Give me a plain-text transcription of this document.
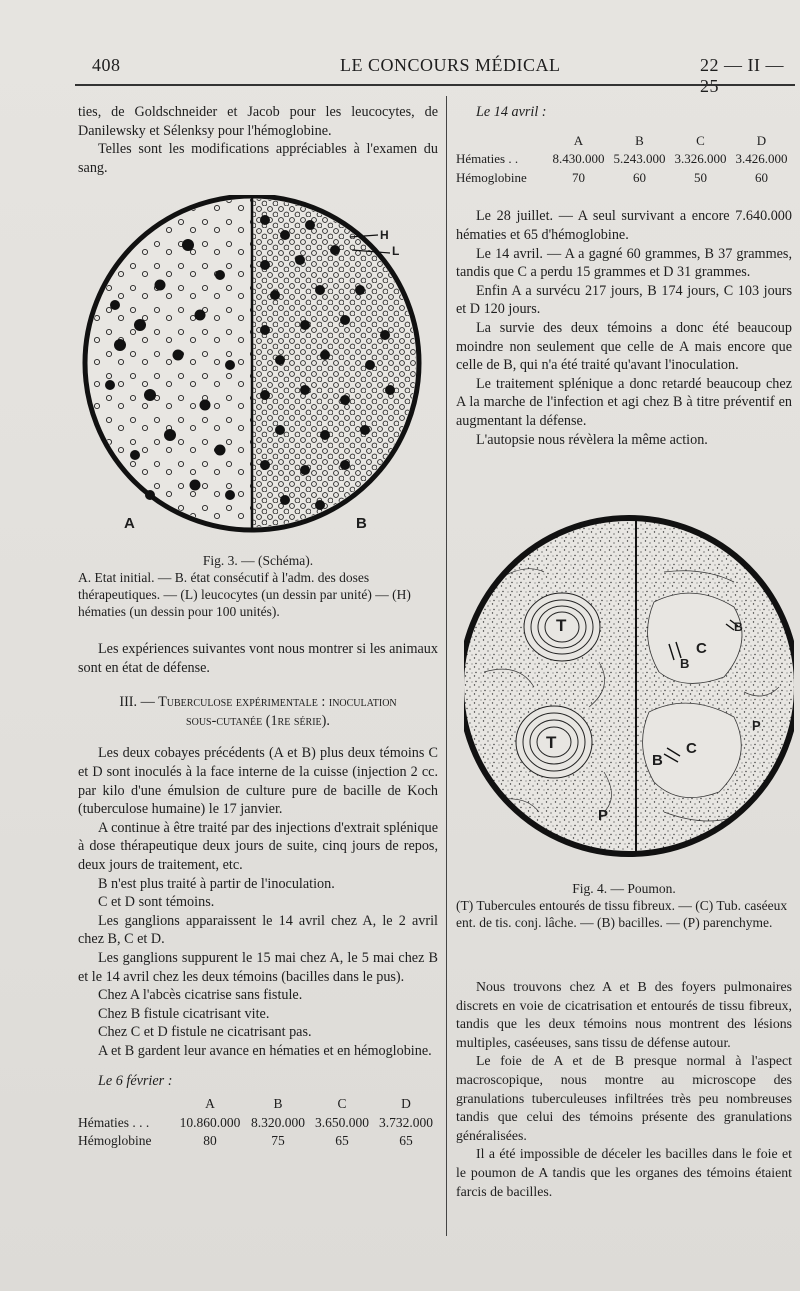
408	LE CONCOURS MÉDICAL	22 — II — 25

ties, de Goldschneider et Jacob pour les leucocytes, de Danilewsky et Sélenksy pour l'hémoglobine.

Telles sont les modifications appréciables à l'examen du sang.

H
L
A	B
Fig. 3. — (Schéma).
A. Etat initial. — B. état consécutif à l'adm. des doses thérapeutiques. — (L) leucocytes (un dessin par unité) — (H) hématies (un dessin pour 100 unités).

Les expériences suivantes vont nous montrer si les animaux sont en état de défense.

III. — Tuberculose expérimentale : inoculation

sous-cutanée (1re série).

Les deux cobayes précédents (A et B) plus deux témoins C et D sont inoculés à la face interne de la cuisse (injection 2 cc. par kilo d'une émulsion de culture pure de bacille de Koch (tuberculose humaine) le 17 janvier.

A continue à être traité par des injections d'extrait splénique à dose thérapeutique deux jours de suite, cinq jours de repos, deux jours de traitement, etc.

B n'est plus traité à partir de l'inoculation.

C et D sont témoins.

Les ganglions apparaissent le 14 avril chez A, le 2 avril chez B, C et D.

Les ganglions suppurent le 15 mai chez A, le 5 mai chez B et le 14 avril chez les deux témoins (bacilles dans le pus).

Chez A l'abcès cicatrise sans fistule.

Chez B fistule cicatrisant vite.

Chez C et D fistule ne cicatrisant pas.

A et B gardent leur avance en hématies et en hémoglobine.

Le 6 février :

	A	B	C	D
Hématies . . .	10.860.000	8.320.000	3.650.000	3.732.000
Hémoglobine	80	75	65	65

Le 14 avril :

	A	B	C	D
Hématies . .	8.430.000	5.243.000	3.326.000	3.426.000
Hémoglobine	70	60	50	60

Le 28 juillet. — A seul survivant a encore 7.640.000 hématies et 65 d'hémoglobine.

Le 14 avril. — A a gagné 60 grammes, B 37 grammes, tandis que C a perdu 15 grammes et D 31 grammes.

Enfin A a survécu 217 jours, B 174 jours, C 103 jours et D 120 jours.

La survie des deux témoins a donc été beaucoup moindre non seulement que celle de A mais encore que celle de B, qui n'a été traité qu'avant l'inoculation.

Le traitement splénique a donc retardé beaucoup chez A la marche de l'infection et agi chez B à titre préventif en augmentant la défense.

L'autopsie nous révèlera la même action.

T
T
C
C
B
B
B
P
P
Fig. 4. — Poumon.
(T) Tubercules entourés de tissu fibreux. — (C) Tub. caséeux ent. de tis. conj. lâche. — (B) bacilles. — (P) parenchyme.

Nous trouvons chez A et B des foyers pulmonaires discrets en voie de cicatrisation et entourés de tissu fibreux, tandis que les deux témoins nous montrent des lésions multiples, caséeuses, sans tissu de défense autour.

Le foie de A et de B presque normal à l'aspect macroscopique, nous montre au microscope des granulations tuberculeuses infiltrées très peu nombreuses tandis que celui des témoins présente des granulations généralisées.

Il a été impossible de déceler les bacilles dans le foie et le poumon de A tandis que les organes des témoins étaient farcis de bacilles.
